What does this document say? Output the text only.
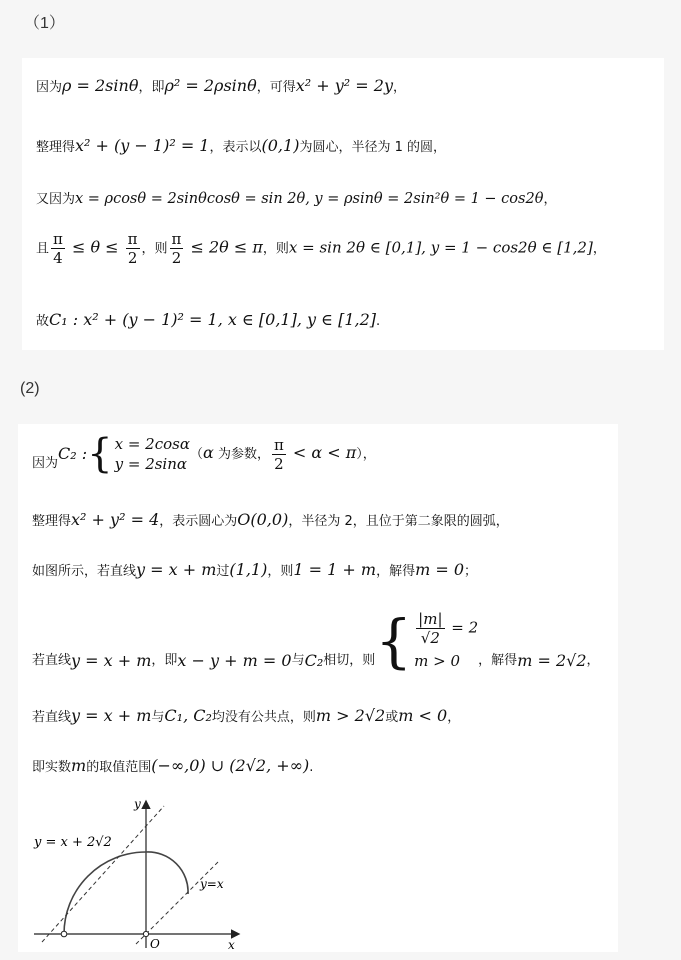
（1）
因为ρ = 2sinθ，即ρ² = 2ρsinθ，可得x² + y² = 2y，
整理得x² + (y − 1)² = 1，表示以(0,1)为圆心，半径为 1 的圆，
又因为x = ρcosθ = 2sinθcosθ = sin 2θ, y = ρsinθ = 2sin²θ = 1 − cos2θ，
且 $\frac{\pi}{4} \le \theta \le \frac{\pi}{2}$ ，则 $\frac{\pi}{2} \le 2\theta \le \pi$，则x = sin 2θ ∈ [0,1], y = 1 − cos2θ ∈ [1,2]，
故C₁ : x² + (y − 1)² = 1, x ∈ [0,1], y ∈ [1,2].
(2)
因为C₂ :{ x = 2cosα
y = 2sinα
（α 为参数， $\frac{\pi}{2} < \alpha < \pi$），
整理得x² + y² = 4，表示圆心为O(0,0)，半径为 2，且位于第二象限的圆弧，
如图所示，若直线y = x + m过(1,1)，则1 = 1 + m，解得m = 0；
若直线y = x + m，即x − y + m = 0与C₂相切，则{ $\frac{|m|}{√2} = 2$
m > 0	，解得m = 2√2，
若直线y = x + m与C₁, C₂均没有公共点，则m > 2√2或m < 0，
即实数m的取值范围(−∞,0) ∪ (2√2, +∞).
y = x + 2√2
y=x
x
y
O
